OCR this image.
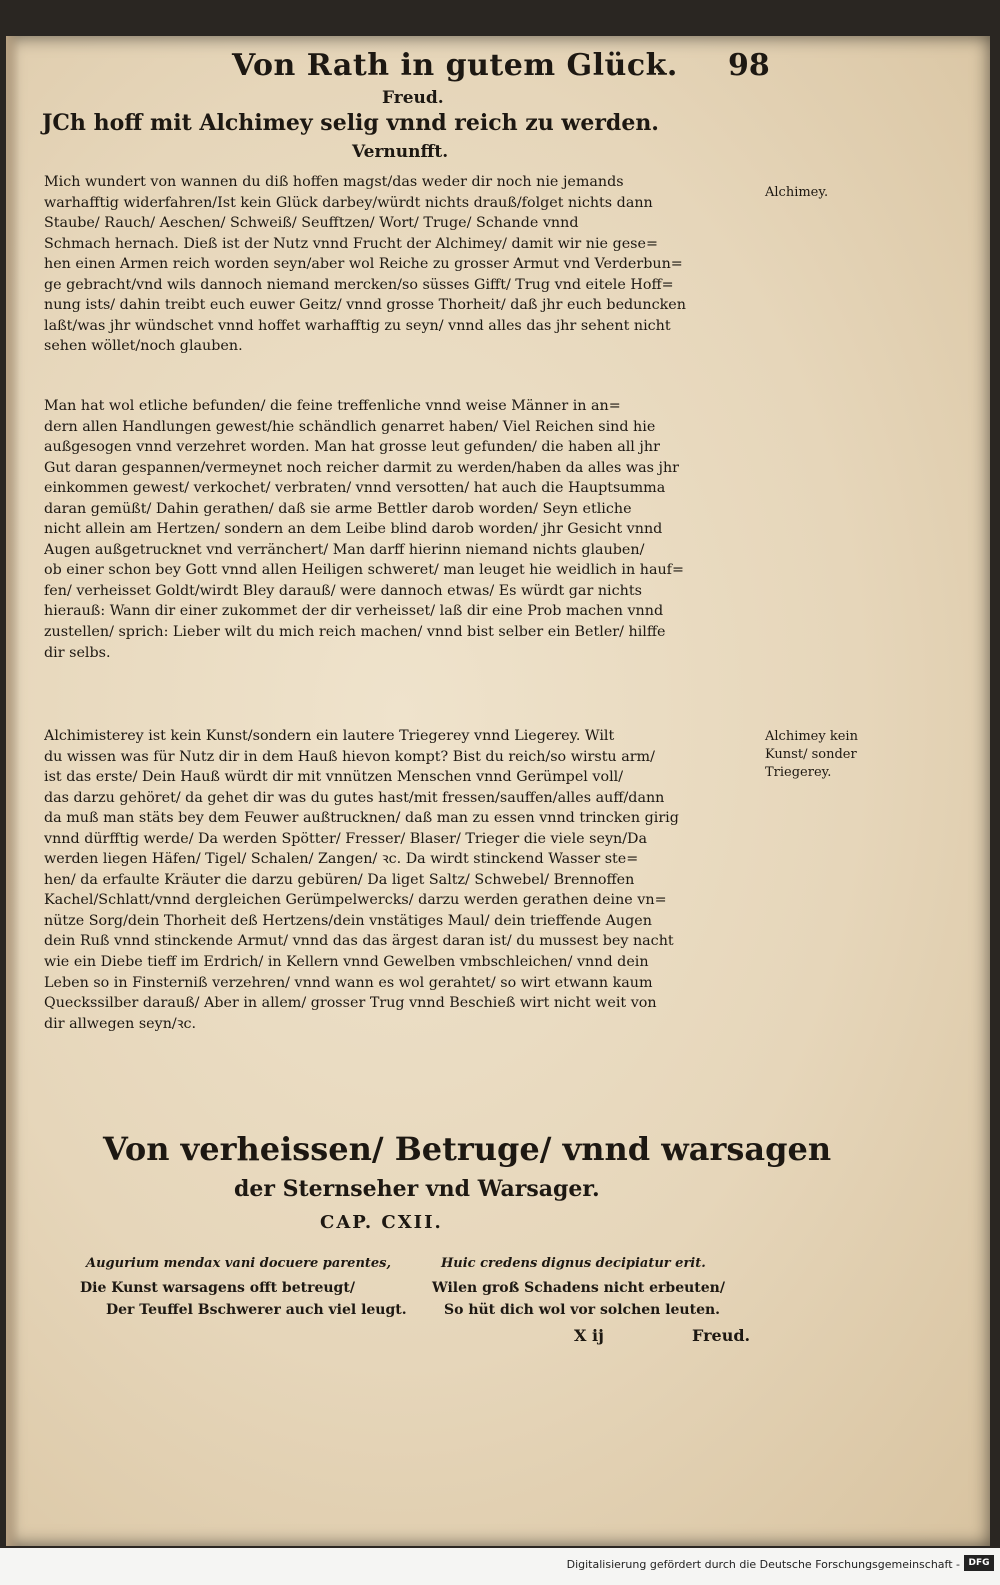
Von Rath in gutem Glück. 98
Freud.
JCh hoff mit Alchimey selig vnnd reich zu werden.
Vernunfft.
Mich wundert von wannen du diß hoffen magst/das weder dir noch nie jemands
warhafftig widerfahren/Ist kein Glück darbey/würdt nichts drauß/folget nichts dann
Staube/ Rauch/ Aeschen/ Schweiß/ Seufftzen/ Wort/ Truge/ Schande vnnd
Schmach hernach. Dieß ist der Nutz vnnd Frucht der Alchimey/ damit wir nie gese=
hen einen Armen reich worden seyn/aber wol Reiche zu grosser Armut vnd Verderbun=
ge gebracht/vnd wils dannoch niemand mercken/so süsses Gifft/ Trug vnd eitele Hoff=
nung ists/ dahin treibt euch euwer Geitz/ vnnd grosse Thorheit/ daß jhr euch beduncken
laßt/was jhr wündschet vnnd hoffet warhafftig zu seyn/ vnnd alles das jhr sehent nicht
sehen wöllet/noch glauben.
Man hat wol etliche befunden/ die feine treffenliche vnnd weise Männer in an=
dern allen Handlungen gewest/hie schändlich genarret haben/ Viel Reichen sind hie
außgesogen vnnd verzehret worden. Man hat grosse leut gefunden/ die haben all jhr
Gut daran gespannen/vermeynet noch reicher darmit zu werden/haben da alles was jhr
einkommen gewest/ verkochet/ verbraten/ vnnd versotten/ hat auch die Hauptsumma
daran gemüßt/ Dahin gerathen/ daß sie arme Bettler darob worden/ Seyn etliche
nicht allein am Hertzen/ sondern an dem Leibe blind darob worden/ jhr Gesicht vnnd
Augen außgetrucknet vnd verränchert/ Man darff hierinn niemand nichts glauben/
ob einer schon bey Gott vnnd allen Heiligen schweret/ man leuget hie weidlich in hauf=
fen/ verheisset Goldt/wirdt Bley darauß/ were dannoch etwas/ Es würdt gar nichts
hierauß: Wann dir einer zukommet der dir verheisset/ laß dir eine Prob machen vnnd
zustellen/ sprich: Lieber wilt du mich reich machen/ vnnd bist selber ein Betler/ hilffe
dir selbs.
Alchimisterey ist kein Kunst/sondern ein lautere Triegerey vnnd Liegerey. Wilt
du wissen was für Nutz dir in dem Hauß hievon kompt? Bist du reich/so wirstu arm/
ist das erste/ Dein Hauß würdt dir mit vnnützen Menschen vnnd Gerümpel voll/
das darzu gehöret/ da gehet dir was du gutes hast/mit fressen/sauffen/alles auff/dann
da muß man stäts bey dem Feuwer außtrucknen/ daß man zu essen vnnd trincken girig
vnnd dürfftig werde/ Da werden Spötter/ Fresser/ Blaser/ Trieger die viele seyn/Da
werden liegen Häfen/ Tigel/ Schalen/ Zangen/ ꝛc. Da wirdt stinckend Wasser ste=
hen/ da erfaulte Kräuter die darzu gebüren/ Da liget Saltz/ Schwebel/ Brennoffen
Kachel/Schlatt/vnnd dergleichen Gerümpelwercks/ darzu werden gerathen deine vn=
nütze Sorg/dein Thorheit deß Hertzens/dein vnstätiges Maul/ dein trieffende Augen
dein Ruß vnnd stinckende Armut/ vnnd das das ärgest daran ist/ du mussest bey nacht
wie ein Diebe tieff im Erdrich/ in Kellern vnnd Gewelben vmbschleichen/ vnnd dein
Leben so in Finsterniß verzehren/ vnnd wann es wol gerahtet/ so wirt etwann kaum
Queckssilber darauß/ Aber in allem/ grosser Trug vnnd Beschieß wirt nicht weit von
dir allwegen seyn/ꝛc.
Alchimey.
Alchimey kein
Kunst/ sonder
Triegerey.
Von verheissen/ Betruge/ vnnd warsagen
der Sternseher vnd Warsager.
CAP. CXII.
Augurium mendax vani docuere parentes,	Huic credens dignus decipiatur erit.
Die Kunst warsagens offt betreugt/
Der Teuffel Bschwerer auch viel leugt.
Wilen groß Schadens nicht erbeuten/
So hüt dich wol vor solchen leuten.
X ij	Freud.
Digitalisierung gefördert durch die Deutsche Forschungsgemeinschaft - DFG
